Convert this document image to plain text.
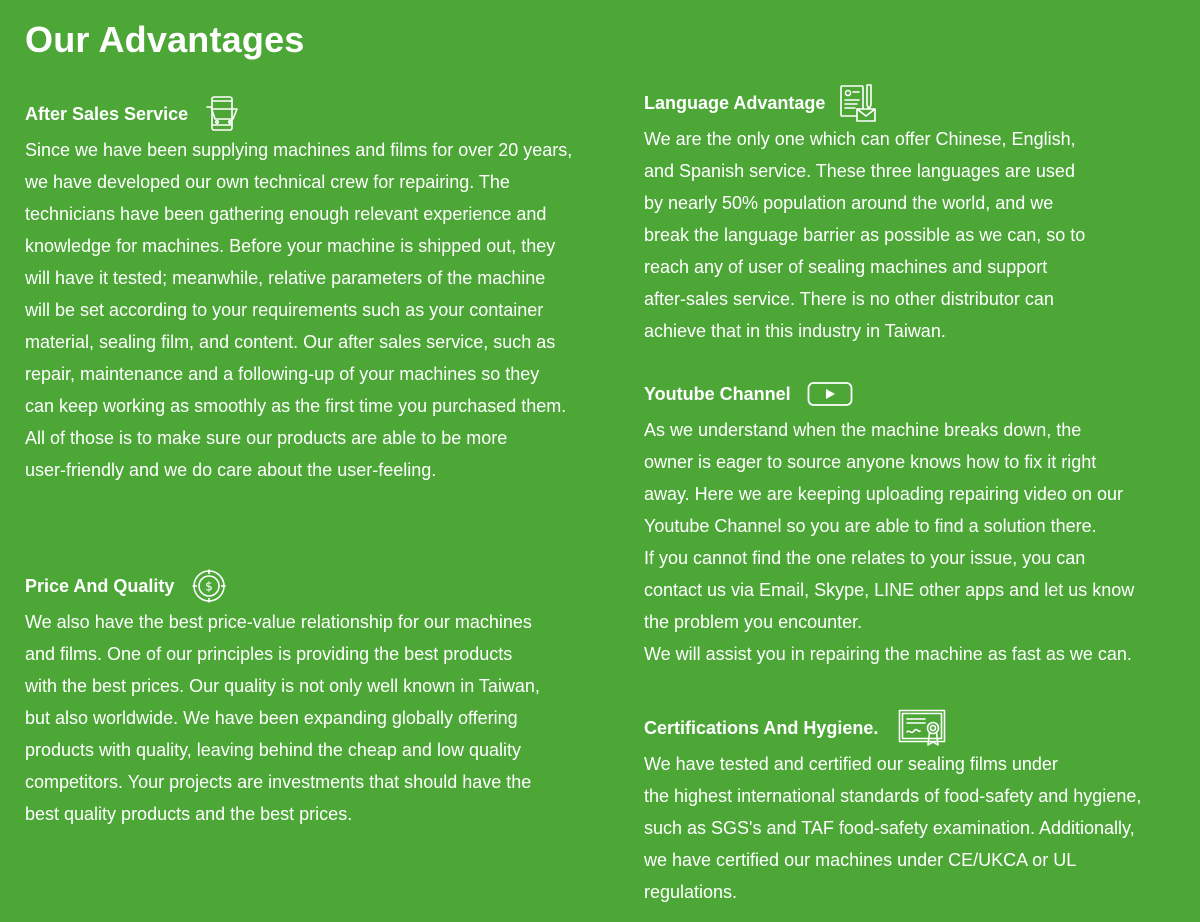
Our Advantages
After Sales Service

Since we have been supplying machines and films for over 20 years,

we have developed our own technical crew for repairing. The

technicians have been gathering enough relevant experience and

knowledge for machines. Before your machine is shipped out, they

will have it tested; meanwhile, relative parameters of the machine

will be set according to your requirements such as your container

material, sealing film, and content. Our after sales service, such as

repair, maintenance and a following-up of your machines so they

can keep working as smoothly as the first time you purchased them.

All of those is to make sure our products are able to be more

user-friendly and we do care about the user-feeling.

Price And Quality	$

We also have the best price-value relationship for our machines

and films. One of our principles is providing the best products

with the best prices. Our quality is not only well known in Taiwan,

but also worldwide. We have been expanding globally offering

products with quality, leaving behind the cheap and low quality

competitors. Your projects are investments that should have the

best quality products and the best prices.

Language Advantage

We are the only one which can offer Chinese, English,

and Spanish service. These three languages are used

by nearly 50% population around the world, and we

break the language barrier as possible as we can, so to

reach any of user of sealing machines and support

after-sales service. There is no other distributor can

achieve that in this industry in Taiwan.

Youtube Channel

As we understand when the machine breaks down, the

owner is eager to source anyone knows how to fix it right

away. Here we are keeping uploading repairing video on our

Youtube Channel so you are able to find a solution there.

If you cannot find the one relates to your issue, you can

contact us via Email, Skype, LINE other apps and let us know

the problem you encounter.

We will assist you in repairing the machine as fast as we can.

Certifications And Hygiene.

We have tested and certified our sealing films under

the highest international standards of food-safety and hygiene,

such as SGS's and TAF food-safety examination. Additionally,

we have certified our machines under CE/UKCA or UL

regulations.
